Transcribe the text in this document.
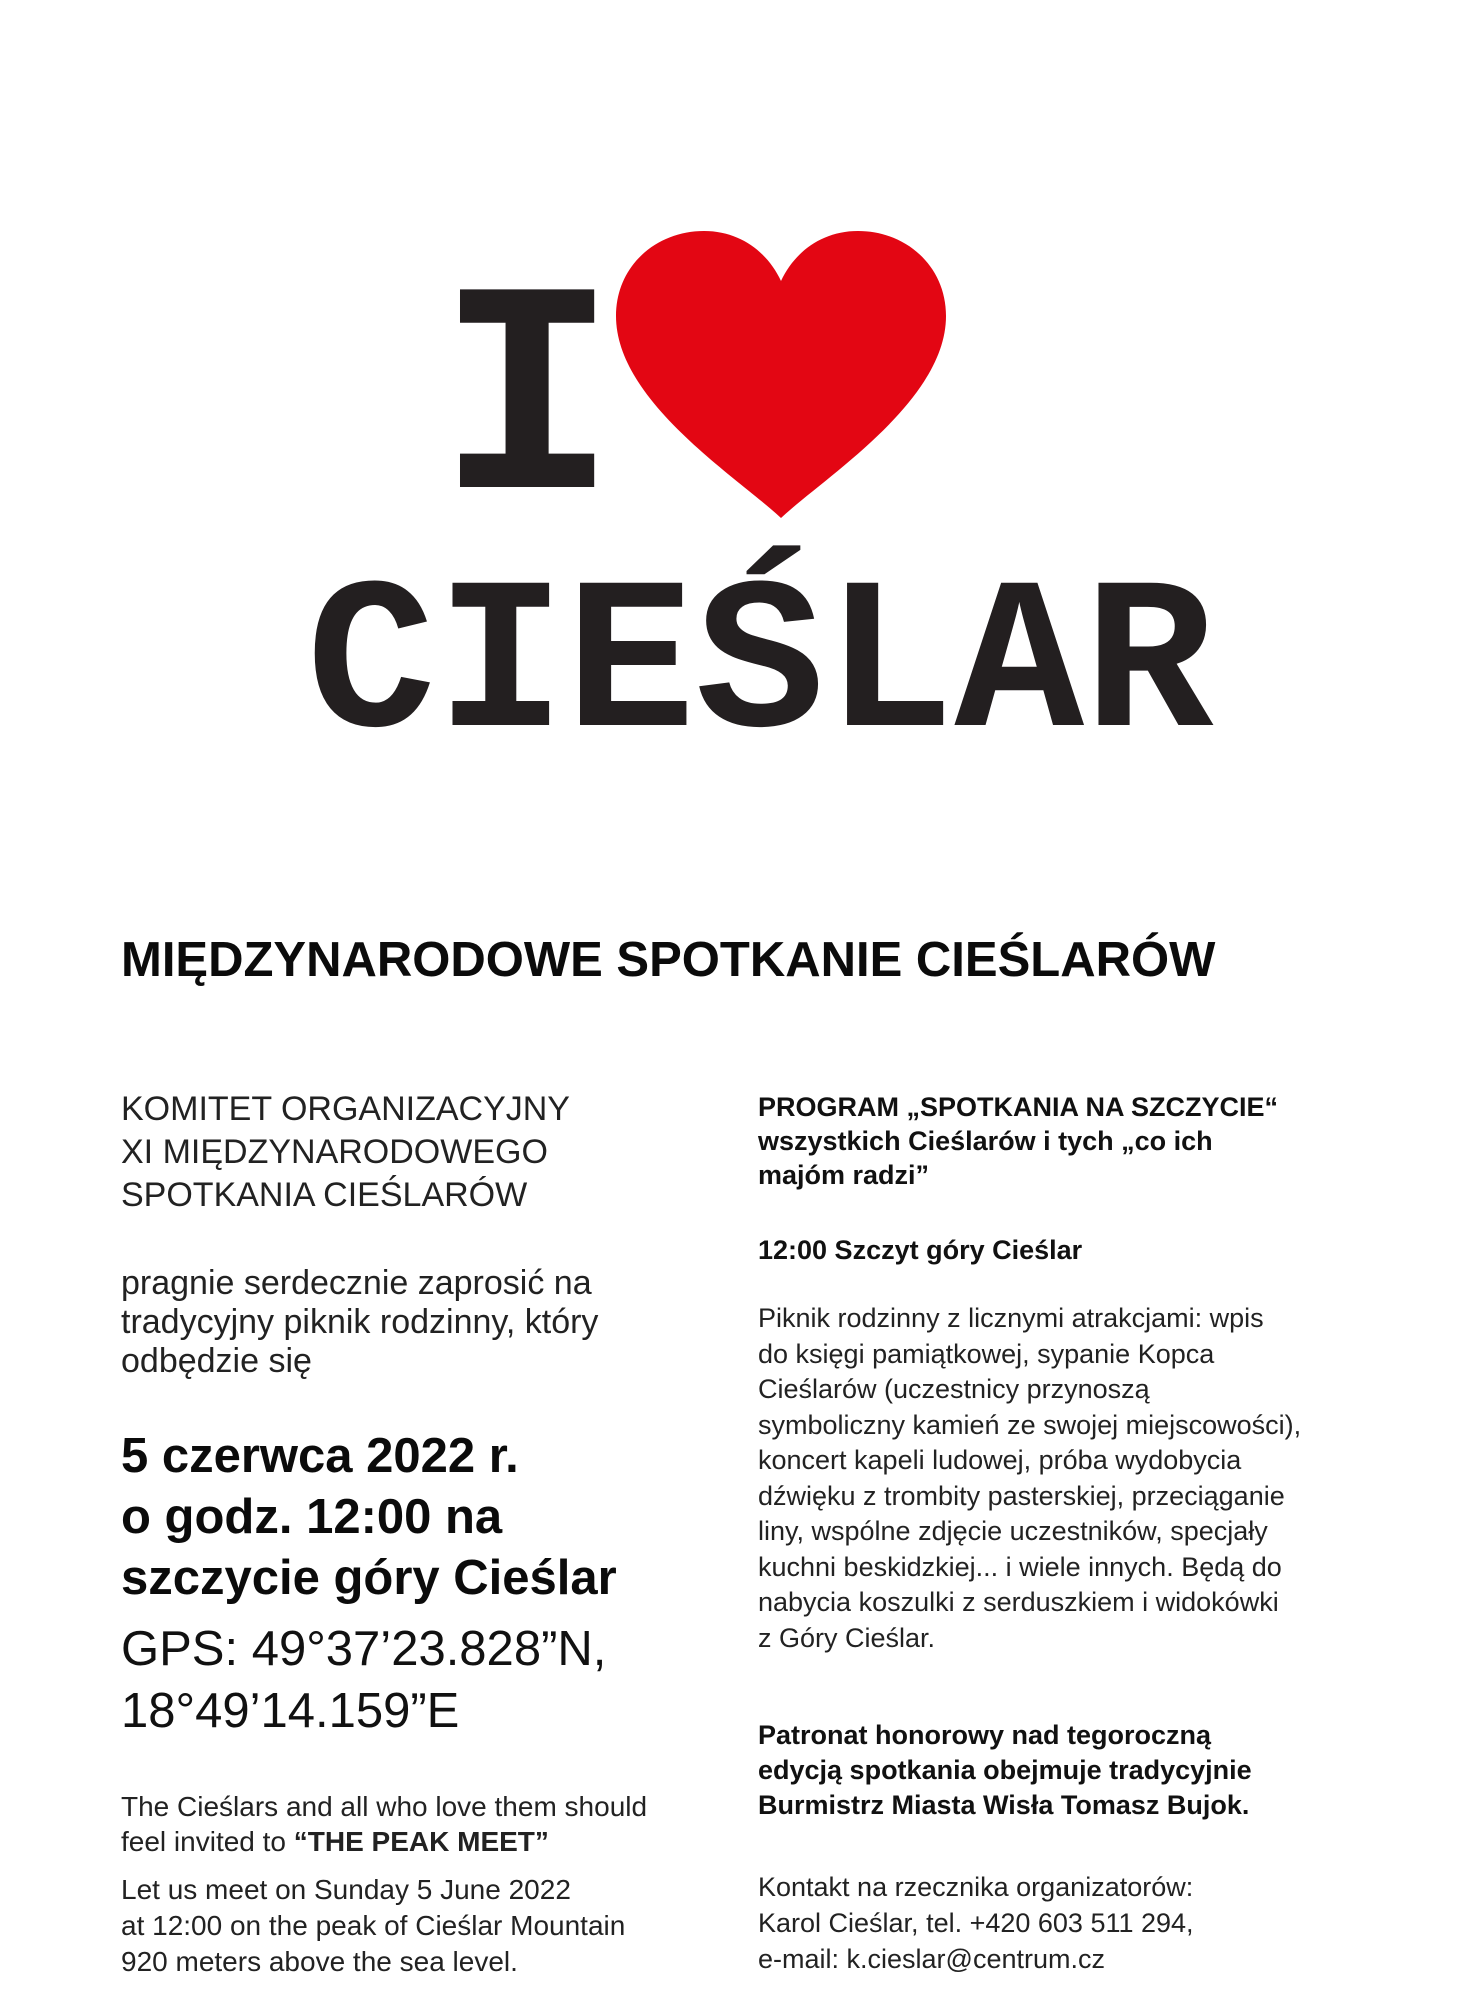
I
CIEŚLAR
MIĘDZYNARODOWE SPOTKANIE CIEŚLARÓW
KOMITET ORGANIZACYJNY
XI MIĘDZYNARODOWEGO
SPOTKANIA CIEŚLARÓW
pragnie serdecznie zaprosić na
tradycyjny piknik rodzinny, który
odbędzie się
5 czerwca 2022 r.
o godz. 12:00 na
szczycie góry Cieślar
GPS: 49°37’23.828”N,
18°49’14.159”E
The Cieślars and all who love them should
feel invited to “THE PEAK MEET”
Let us meet on Sunday 5 June 2022
at 12:00 on the peak of Cieślar Mountain
920 meters above the sea level.
PROGRAM „SPOTKANIA NA SZCZYCIE“
wszystkich Cieślarów i tych „co ich
majóm radzi”
12:00 Szczyt góry Cieślar
Piknik rodzinny z licznymi atrakcjami: wpis
do księgi pamiątkowej, sypanie Kopca
Cieślarów (uczestnicy przynoszą
symboliczny kamień ze swojej miejscowości),
koncert kapeli ludowej, próba wydobycia
dźwięku z trombity pasterskiej, przeciąganie
liny, wspólne zdjęcie uczestników, specjały
kuchni beskidzkiej... i wiele innych. Będą do
nabycia koszulki z serduszkiem i widokówki
z Góry Cieślar.
Patronat honorowy nad tegoroczną
edycją spotkania obejmuje tradycyjnie
Burmistrz Miasta Wisła Tomasz Bujok.
Kontakt na rzecznika organizatorów:
Karol Cieślar, tel. +420 603 511 294,
e-mail: k.cieslar@centrum.cz
